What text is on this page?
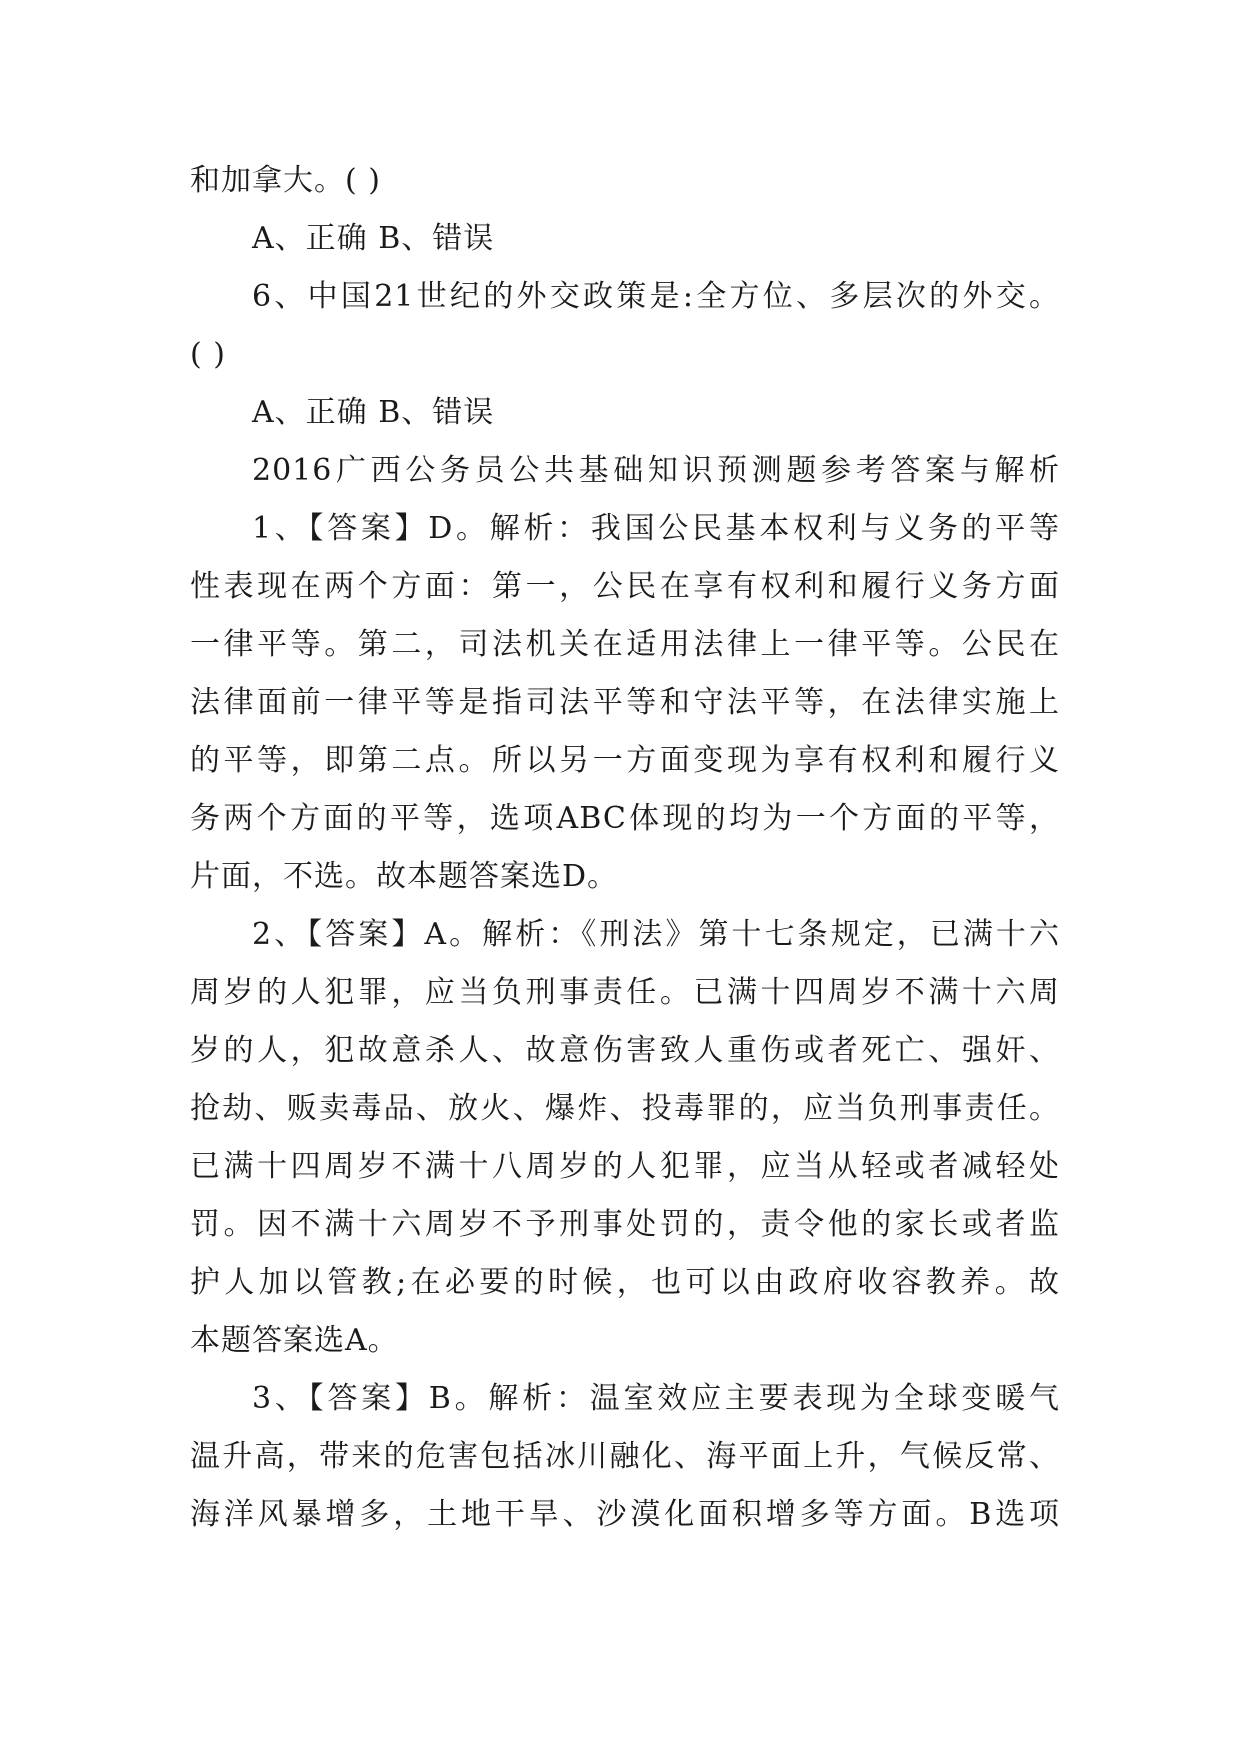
和加拿大。( )
A、正确 B、错误
6、中国21世纪的外交政策是:全方位、多层次的外交。
( )
A、正确 B、错误
2016广西公务员公共基础知识预测题参考答案与解析
1、【答案】D。解析：我国公民基本权利与义务的平等
性表现在两个方面：第一，公民在享有权利和履行义务方面
一律平等。第二，司法机关在适用法律上一律平等。公民在
法律面前一律平等是指司法平等和守法平等，在法律实施上
的平等，即第二点。所以另一方面变现为享有权利和履行义
务两个方面的平等，选项ABC体现的均为一个方面的平等，
片面，不选。故本题答案选D。
2、【答案】A。解析：《刑法》第十七条规定，已满十六
周岁的人犯罪，应当负刑事责任。已满十四周岁不满十六周
岁的人，犯故意杀人、故意伤害致人重伤或者死亡、强奸、
抢劫、贩卖毒品、放火、爆炸、投毒罪的，应当负刑事责任。
已满十四周岁不满十八周岁的人犯罪，应当从轻或者减轻处
罚。因不满十六周岁不予刑事处罚的，责令他的家长或者监
护人加以管教;在必要的时候，也可以由政府收容教养。故
本题答案选A。
3、【答案】B。解析：温室效应主要表现为全球变暖气
温升高，带来的危害包括冰川融化、海平面上升，气候反常、
海洋风暴增多，土地干旱、沙漠化面积增多等方面。B选项
